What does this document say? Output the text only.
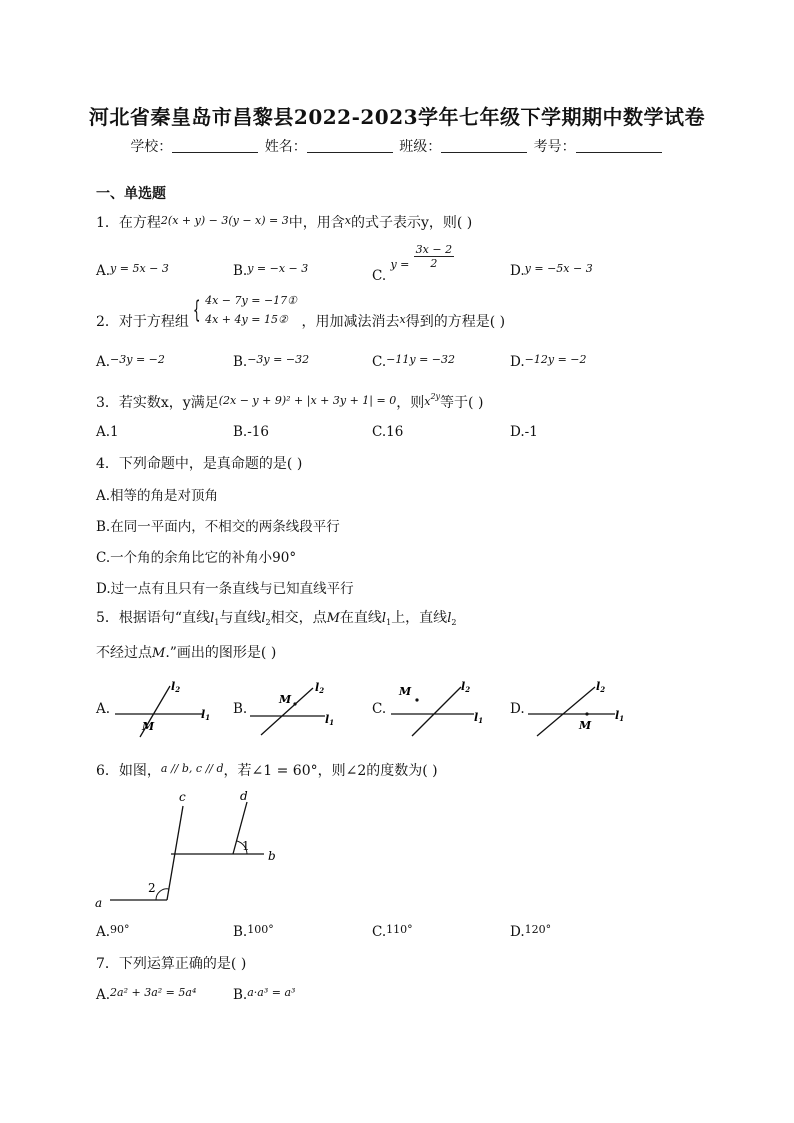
河北省秦皇岛市昌黎县2022-2023学年七年级下学期期中数学试卷
学校：	姓名：	班级：	考号：
一、单选题
1．在方程$^{2(x + y) - 3(y - x) = 3}$中，用含$^x$的式子表示y，则( )
A.$^{y = 5x - 3}$	B.$^{y = -x - 3}$	C. $y = \frac{3x - 2}{2}$
D.$^{y = -5x - 3}$
2．对于方程组 { 4x − 7y = −17①
4x + 4y = 15② ，用加减法消去$^x$得到的方程是( )
A.$^{-3y = -2}$	B.$^{-3y = -32}$	C.$^{-11y = -32}$	D.$^{-12y = -2}$
3．若实数x，y满足$^{(2x - y + 9)^2 + |x + 3y + 1| = 0}$，则$x^{2y}$等于( )
A.1	B.-16	C.16	D.-1
4．下列命题中，是真命题的是( )
A.相等的角是对顶角
B.在同一平面内，不相交的两条线段平行
C.一个角的余角比它的补角小90°
D.过一点有且只有一条直线与已知直线平行
5．根据语句“直线$l_1$与直线$l_2$相交，点M在直线$l_1$上，直线$l_2$
不经过点M.”画出的图形是( )
A.
l2
l1
M
B.
l2
l1
M
C.
l2
l1
M
D.
l2
l1
M
6．如图，$^{a // b, c // d}$，若∠1 = 60°，则∠2的度数为( )
a
b
c	d
1
2
A.$^{90^\circ}$	B.$^{100^\circ}$	C.$^{110^\circ}$	D.$^{120^\circ}$
7．下列运算正确的是( )
A.$^{2a^2 + 3a^2 = 5a^4}$	B.$^{a\cdot a^3 = a^3}$
